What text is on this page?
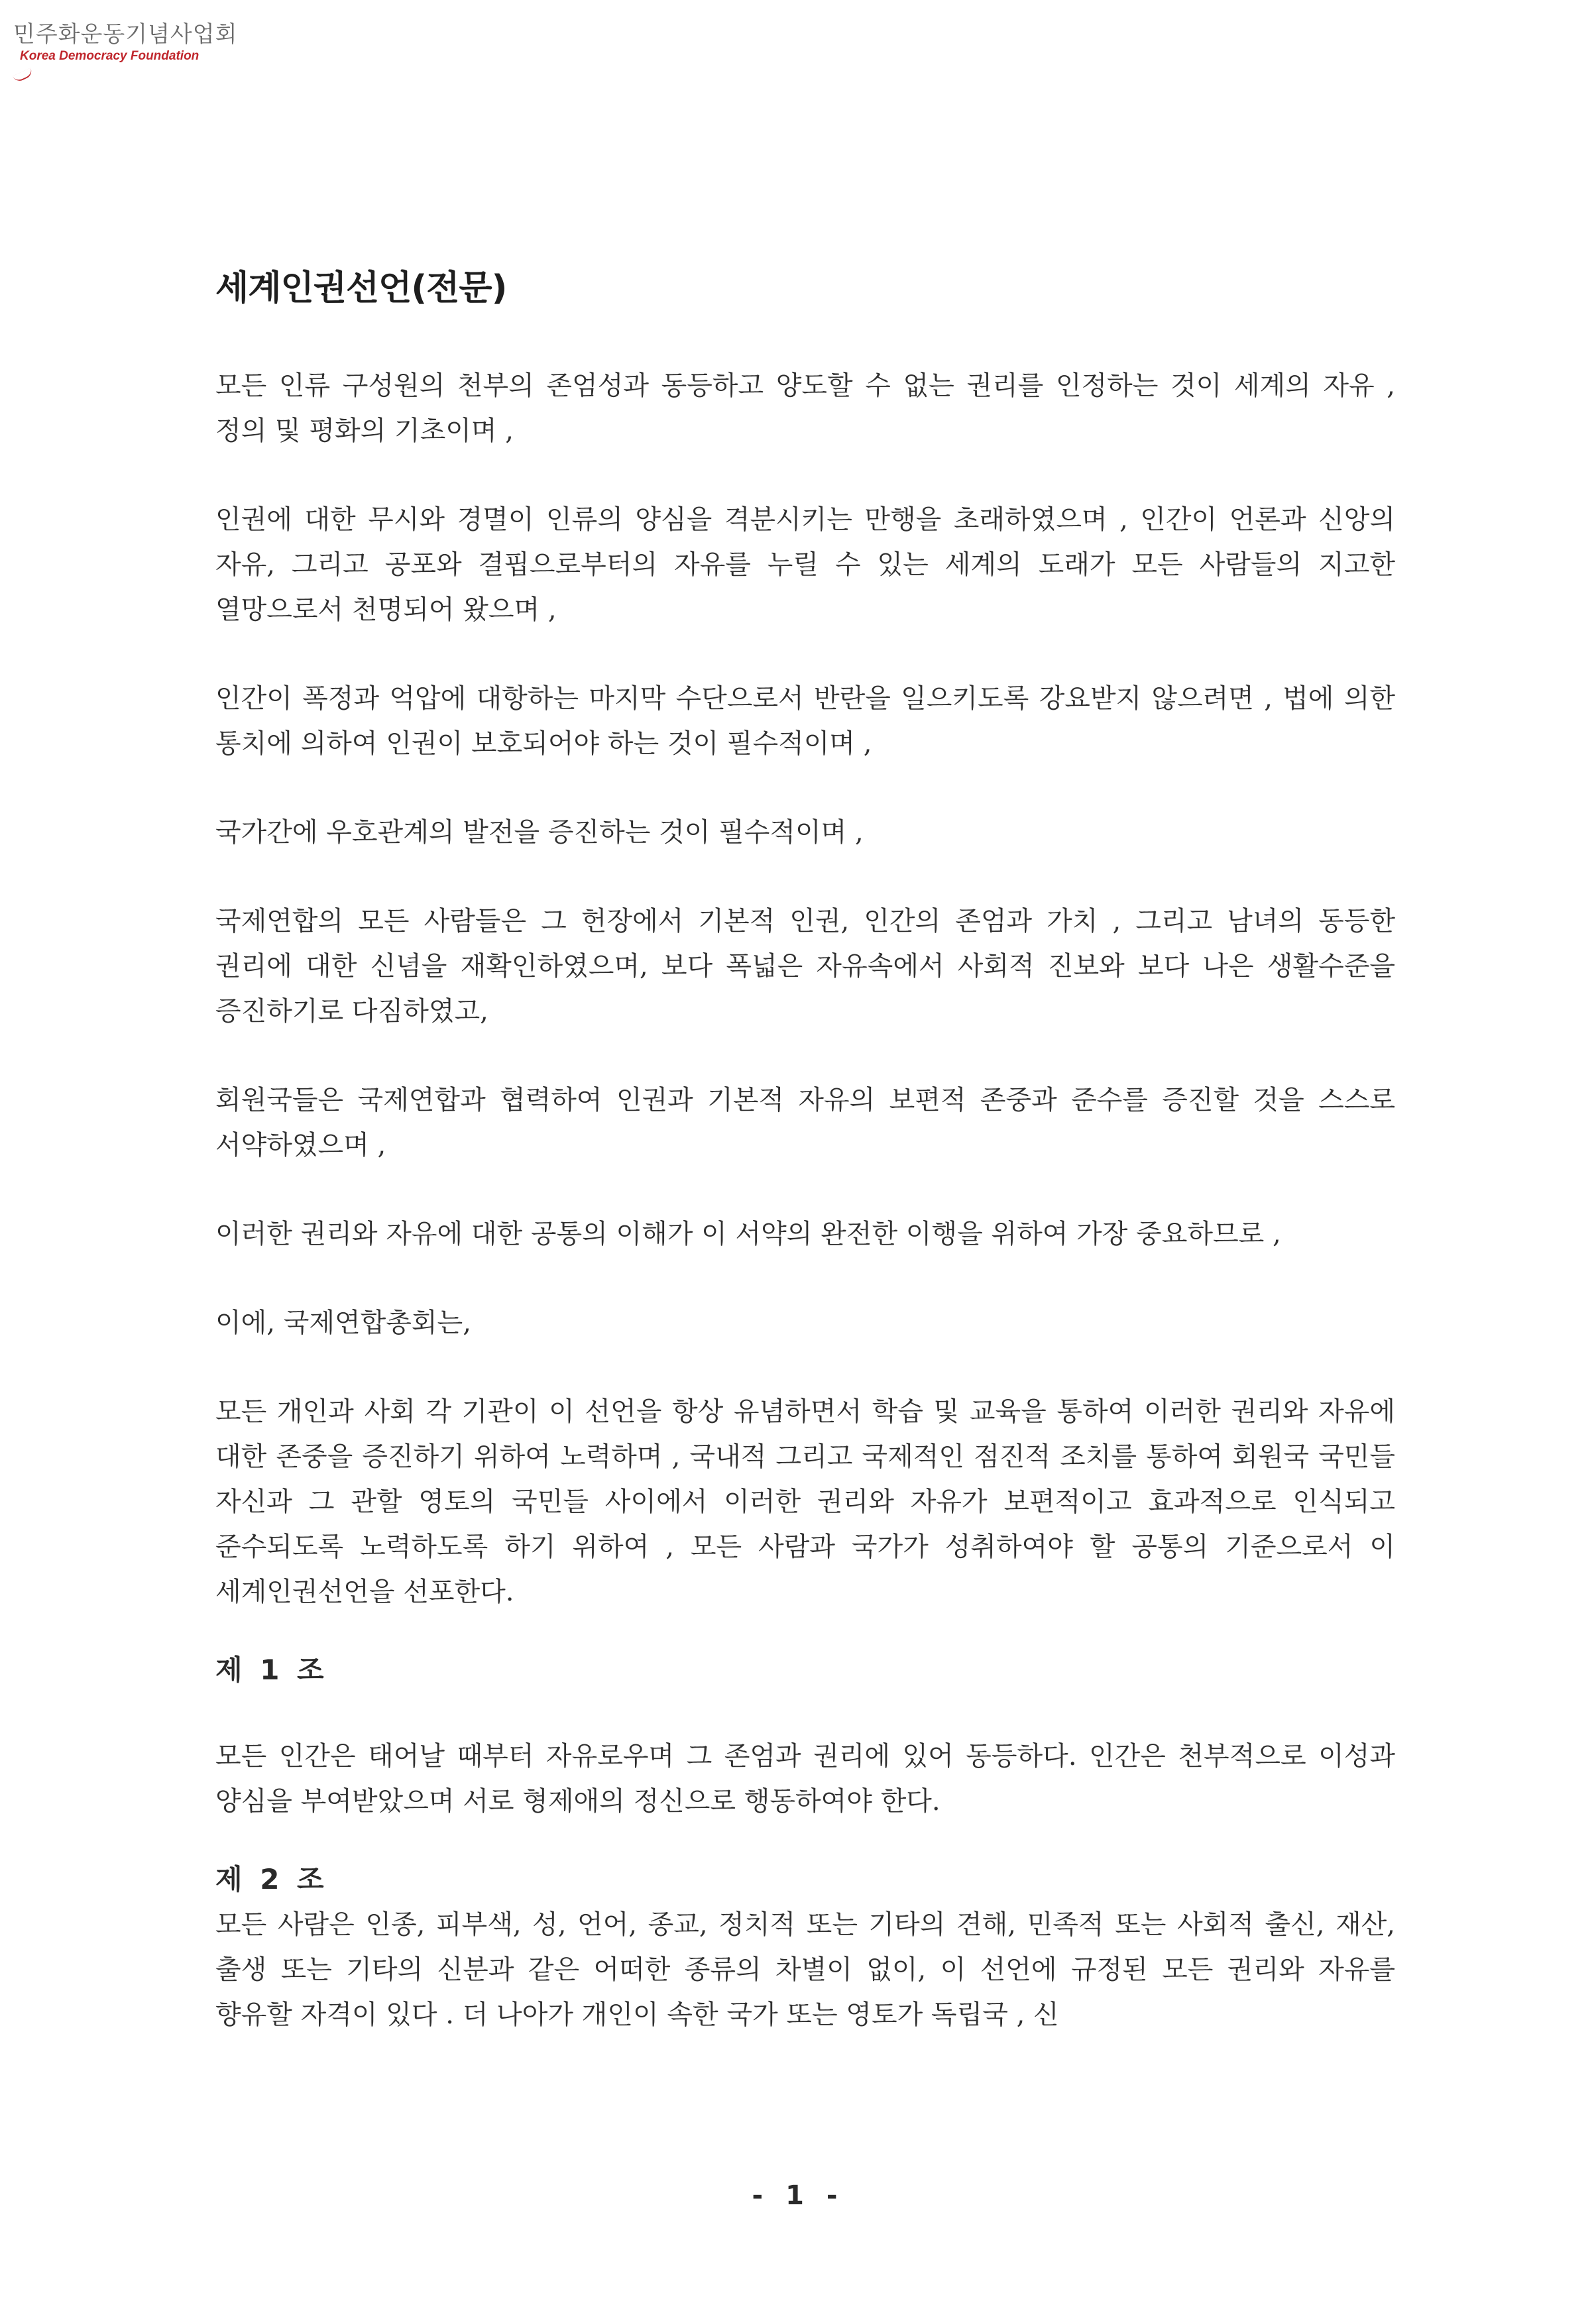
민주화운동기념사업회
Korea Democracy Foundation
세계인권선언(전문)

모든 인류 구성원의 천부의 존엄성과 동등하고 양도할 수 없는 권리를 인정하는 것이 세계의 자유 , 정의 및 평화의 기초이며 ,

인권에 대한 무시와 경멸이 인류의 양심을 격분시키는 만행을 초래하였으며 , 인간이 언론과 신앙의 자유, 그리고 공포와 결핍으로부터의 자유를 누릴 수 있는 세계의 도래가 모든 사람들의 지고한 열망으로서 천명되어 왔으며 ,

인간이 폭정과 억압에 대항하는 마지막 수단으로서 반란을 일으키도록 강요받지 않으려면 , 법에 의한 통치에 의하여 인권이 보호되어야 하는 것이 필수적이며 ,

국가간에 우호관계의 발전을 증진하는 것이 필수적이며 ,

국제연합의 모든 사람들은 그 헌장에서 기본적 인권, 인간의 존엄과 가치 , 그리고 남녀의 동등한 권리에 대한 신념을 재확인하였으며, 보다 폭넓은 자유속에서 사회적 진보와 보다 나은 생활수준을 증진하기로 다짐하였고,

회원국들은 국제연합과 협력하여 인권과 기본적 자유의 보편적 존중과 준수를 증진할 것을 스스로 서약하였으며 ,

이러한 권리와 자유에 대한 공통의 이해가 이 서약의 완전한 이행을 위하여 가장 중요하므로 ,

이에, 국제연합총회는,

모든 개인과 사회 각 기관이 이 선언을 항상 유념하면서 학습 및 교육을 통하여 이러한 권리와 자유에 대한 존중을 증진하기 위하여 노력하며 , 국내적 그리고 국제적인 점진적 조치를 통하여 회원국 국민들 자신과 그 관할 영토의 국민들 사이에서 이러한 권리와 자유가 보편적이고 효과적으로 인식되고 준수되도록 노력하도록 하기 위하여 , 모든 사람과 국가가 성취하여야 할 공통의 기준으로서 이 세계인권선언을 선포한다.

제 1 조

모든 인간은 태어날 때부터 자유로우며 그 존엄과 권리에 있어 동등하다. 인간은 천부적으로 이성과 양심을 부여받았으며 서로 형제애의 정신으로 행동하여야 한다.

제 2 조

모든 사람은 인종, 피부색, 성, 언어, 종교, 정치적 또는 기타의 견해, 민족적 또는 사회적 출신, 재산, 출생 또는 기타의 신분과 같은 어떠한 종류의 차별이 없이, 이 선언에 규정된 모든 권리와 자유를 향유할 자격이 있다 . 더 나아가 개인이 속한 국가 또는 영토가 독립국 , 신

- 1 -
